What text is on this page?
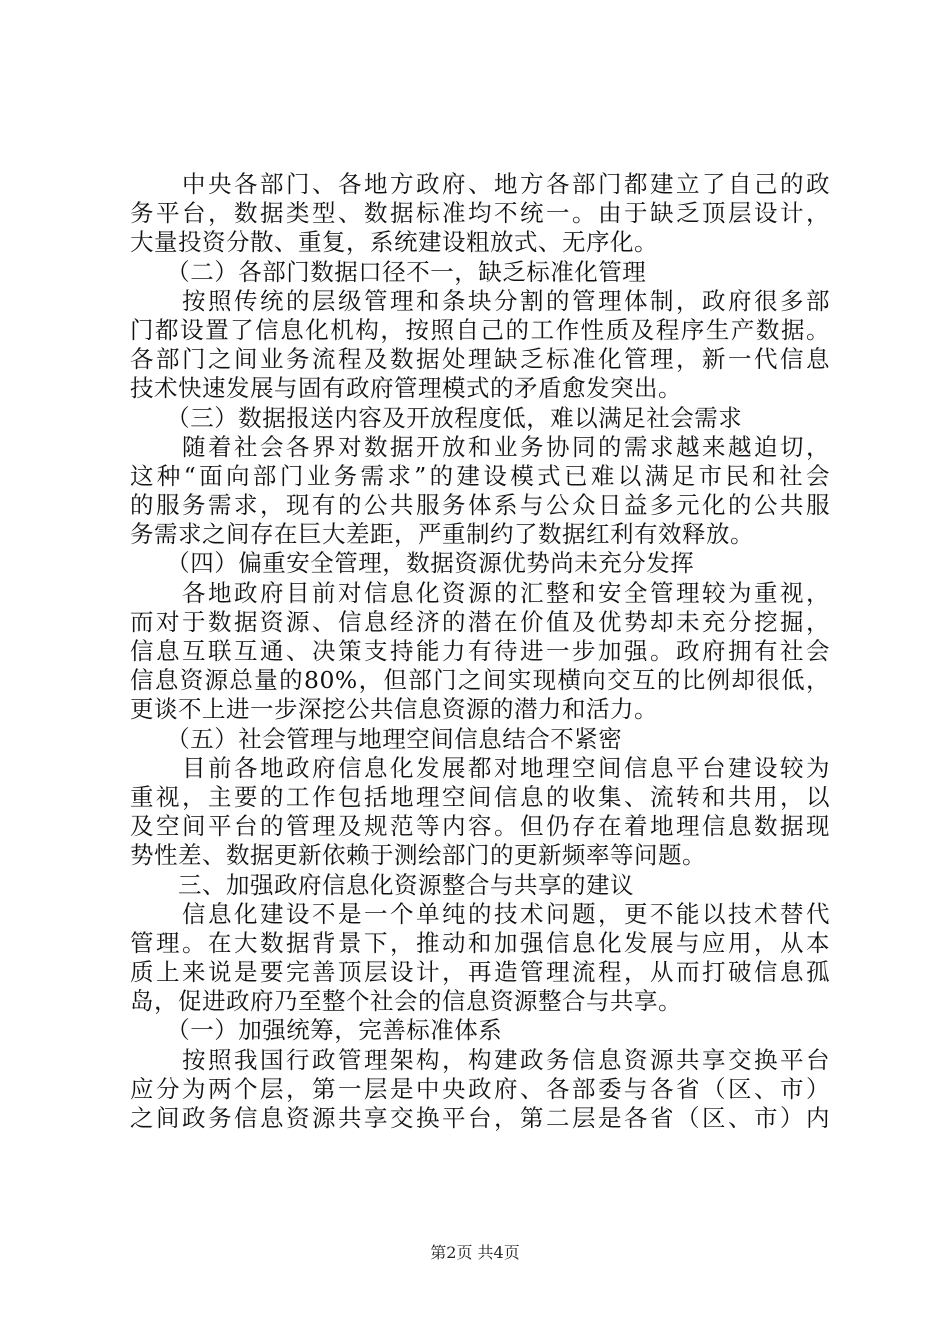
　　中央各部门、各地方政府、地方各部门都建立了自己的政
务平台，数据类型、数据标准均不统一。由于缺乏顶层设计，
大量投资分散、重复，系统建设粗放式、无序化。
　　（二）各部门数据口径不一，缺乏标准化管理
　　按照传统的层级管理和条块分割的管理体制，政府很多部
门都设置了信息化机构，按照自己的工作性质及程序生产数据。
各部门之间业务流程及数据处理缺乏标准化管理，新一代信息
技术快速发展与固有政府管理模式的矛盾愈发突出。
　　（三）数据报送内容及开放程度低，难以满足社会需求
　　随着社会各界对数据开放和业务协同的需求越来越迫切，
这种“面向部门业务需求”的建设模式已难以满足市民和社会
的服务需求，现有的公共服务体系与公众日益多元化的公共服
务需求之间存在巨大差距，严重制约了数据红利有效释放。
　　（四）偏重安全管理，数据资源优势尚未充分发挥
　　各地政府目前对信息化资源的汇整和安全管理较为重视，
而对于数据资源、信息经济的潜在价值及优势却未充分挖掘，
信息互联互通、决策支持能力有待进一步加强。政府拥有社会
信息资源总量的80%，但部门之间实现横向交互的比例却很低，
更谈不上进一步深挖公共信息资源的潜力和活力。
　　（五）社会管理与地理空间信息结合不紧密
　　目前各地政府信息化发展都对地理空间信息平台建设较为
重视，主要的工作包括地理空间信息的收集、流转和共用，以
及空间平台的管理及规范等内容。但仍存在着地理信息数据现
势性差、数据更新依赖于测绘部门的更新频率等问题。
　　三、加强政府信息化资源整合与共享的建议
　　信息化建设不是一个单纯的技术问题，更不能以技术替代
管理。在大数据背景下，推动和加强信息化发展与应用，从本
质上来说是要完善顶层设计，再造管理流程，从而打破信息孤
岛，促进政府乃至整个社会的信息资源整合与共享。
　　（一）加强统筹，完善标准体系
　　按照我国行政管理架构，构建政务信息资源共享交换平台
应分为两个层，第一层是中央政府、各部委与各省（区、市）
之间政务信息资源共享交换平台，第二层是各省（区、市）内
第2页 共4页
